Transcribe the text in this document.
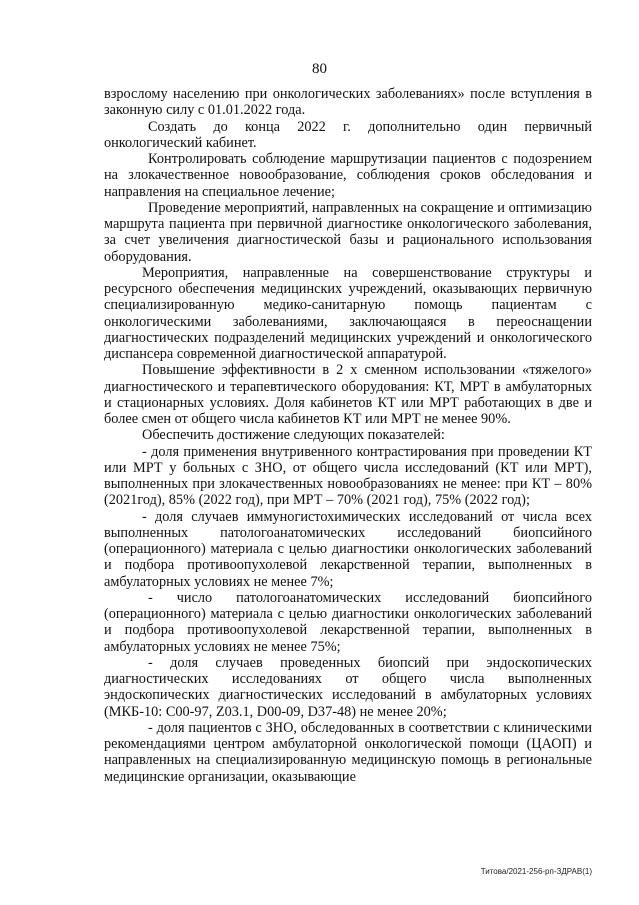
80

взрослому населению при онкологических заболеваниях» после вступления в законную силу с 01.01.2022 года.

Создать до конца 2022 г. дополнительно один первичный онкологический кабинет.

Контролировать соблюдение маршрутизации пациентов с подозрением на злокачественное новообразование, соблюдения сроков обследования и направления на специальное лечение;

Проведение мероприятий, направленных на сокращение и оптимизацию маршрута пациента при первичной диагностике онкологического заболевания, за счет увеличения диагностической базы и рационального использования оборудования.

Мероприятия, направленные на совершенствование структуры и ресурсного обеспечения медицинских учреждений, оказывающих первичную специализированную медико-санитарную помощь пациентам с онкологическими заболеваниями, заключающаяся в переоснащении диагностических подразделений медицинских учреждений и онкологического диспансера современной диагностической аппаратурой.

Повышение эффективности в 2 х сменном использовании «тяжелого» диагностического и терапевтического оборудования: КТ, МРТ в амбулаторных и стационарных условиях. Доля кабинетов КТ или МРТ работающих в две и более смен от общего числа кабинетов КТ или МРТ не менее 90%.

Обеспечить достижение следующих показателей:

- доля применения внутривенного контрастирования при проведении КТ или МРТ у больных с ЗНО, от общего числа исследований (КТ или МРТ), выполненных при злокачественных новообразованиях не менее: при КТ – 80% (2021год), 85% (2022 год), при МРТ – 70% (2021 год), 75% (2022 год);

- доля случаев иммуногистохимических исследований от числа всех выполненных патологоанатомических исследований биопсийного (операционного) материала с целью диагностики онкологических заболеваний и подбора противоопухолевой лекарственной терапии, выполненных в амбулаторных условиях не менее 7%;

- число патологоанатомических исследований биопсийного (операционного) материала с целью диагностики онкологических заболеваний и подбора противоопухолевой лекарственной терапии, выполненных в амбулаторных условиях не менее 75%;

- доля случаев проведенных биопсий при эндоскопических диагностических исследованиях от общего числа выполненных эндоскопических диагностических исследований в амбулаторных условиях (МКБ-10: С00-97, Z03.1, D00-09, D37-48) не менее 20%;

- доля пациентов с ЗНО, обследованных в соответствии с клиническими рекомендациями центром амбулаторной онкологической помощи (ЦАОП) и направленных на специализированную медицинскую помощь в региональные медицинские организации, оказывающие

Титова/2021-256-рп-ЗДРАВ(1)
